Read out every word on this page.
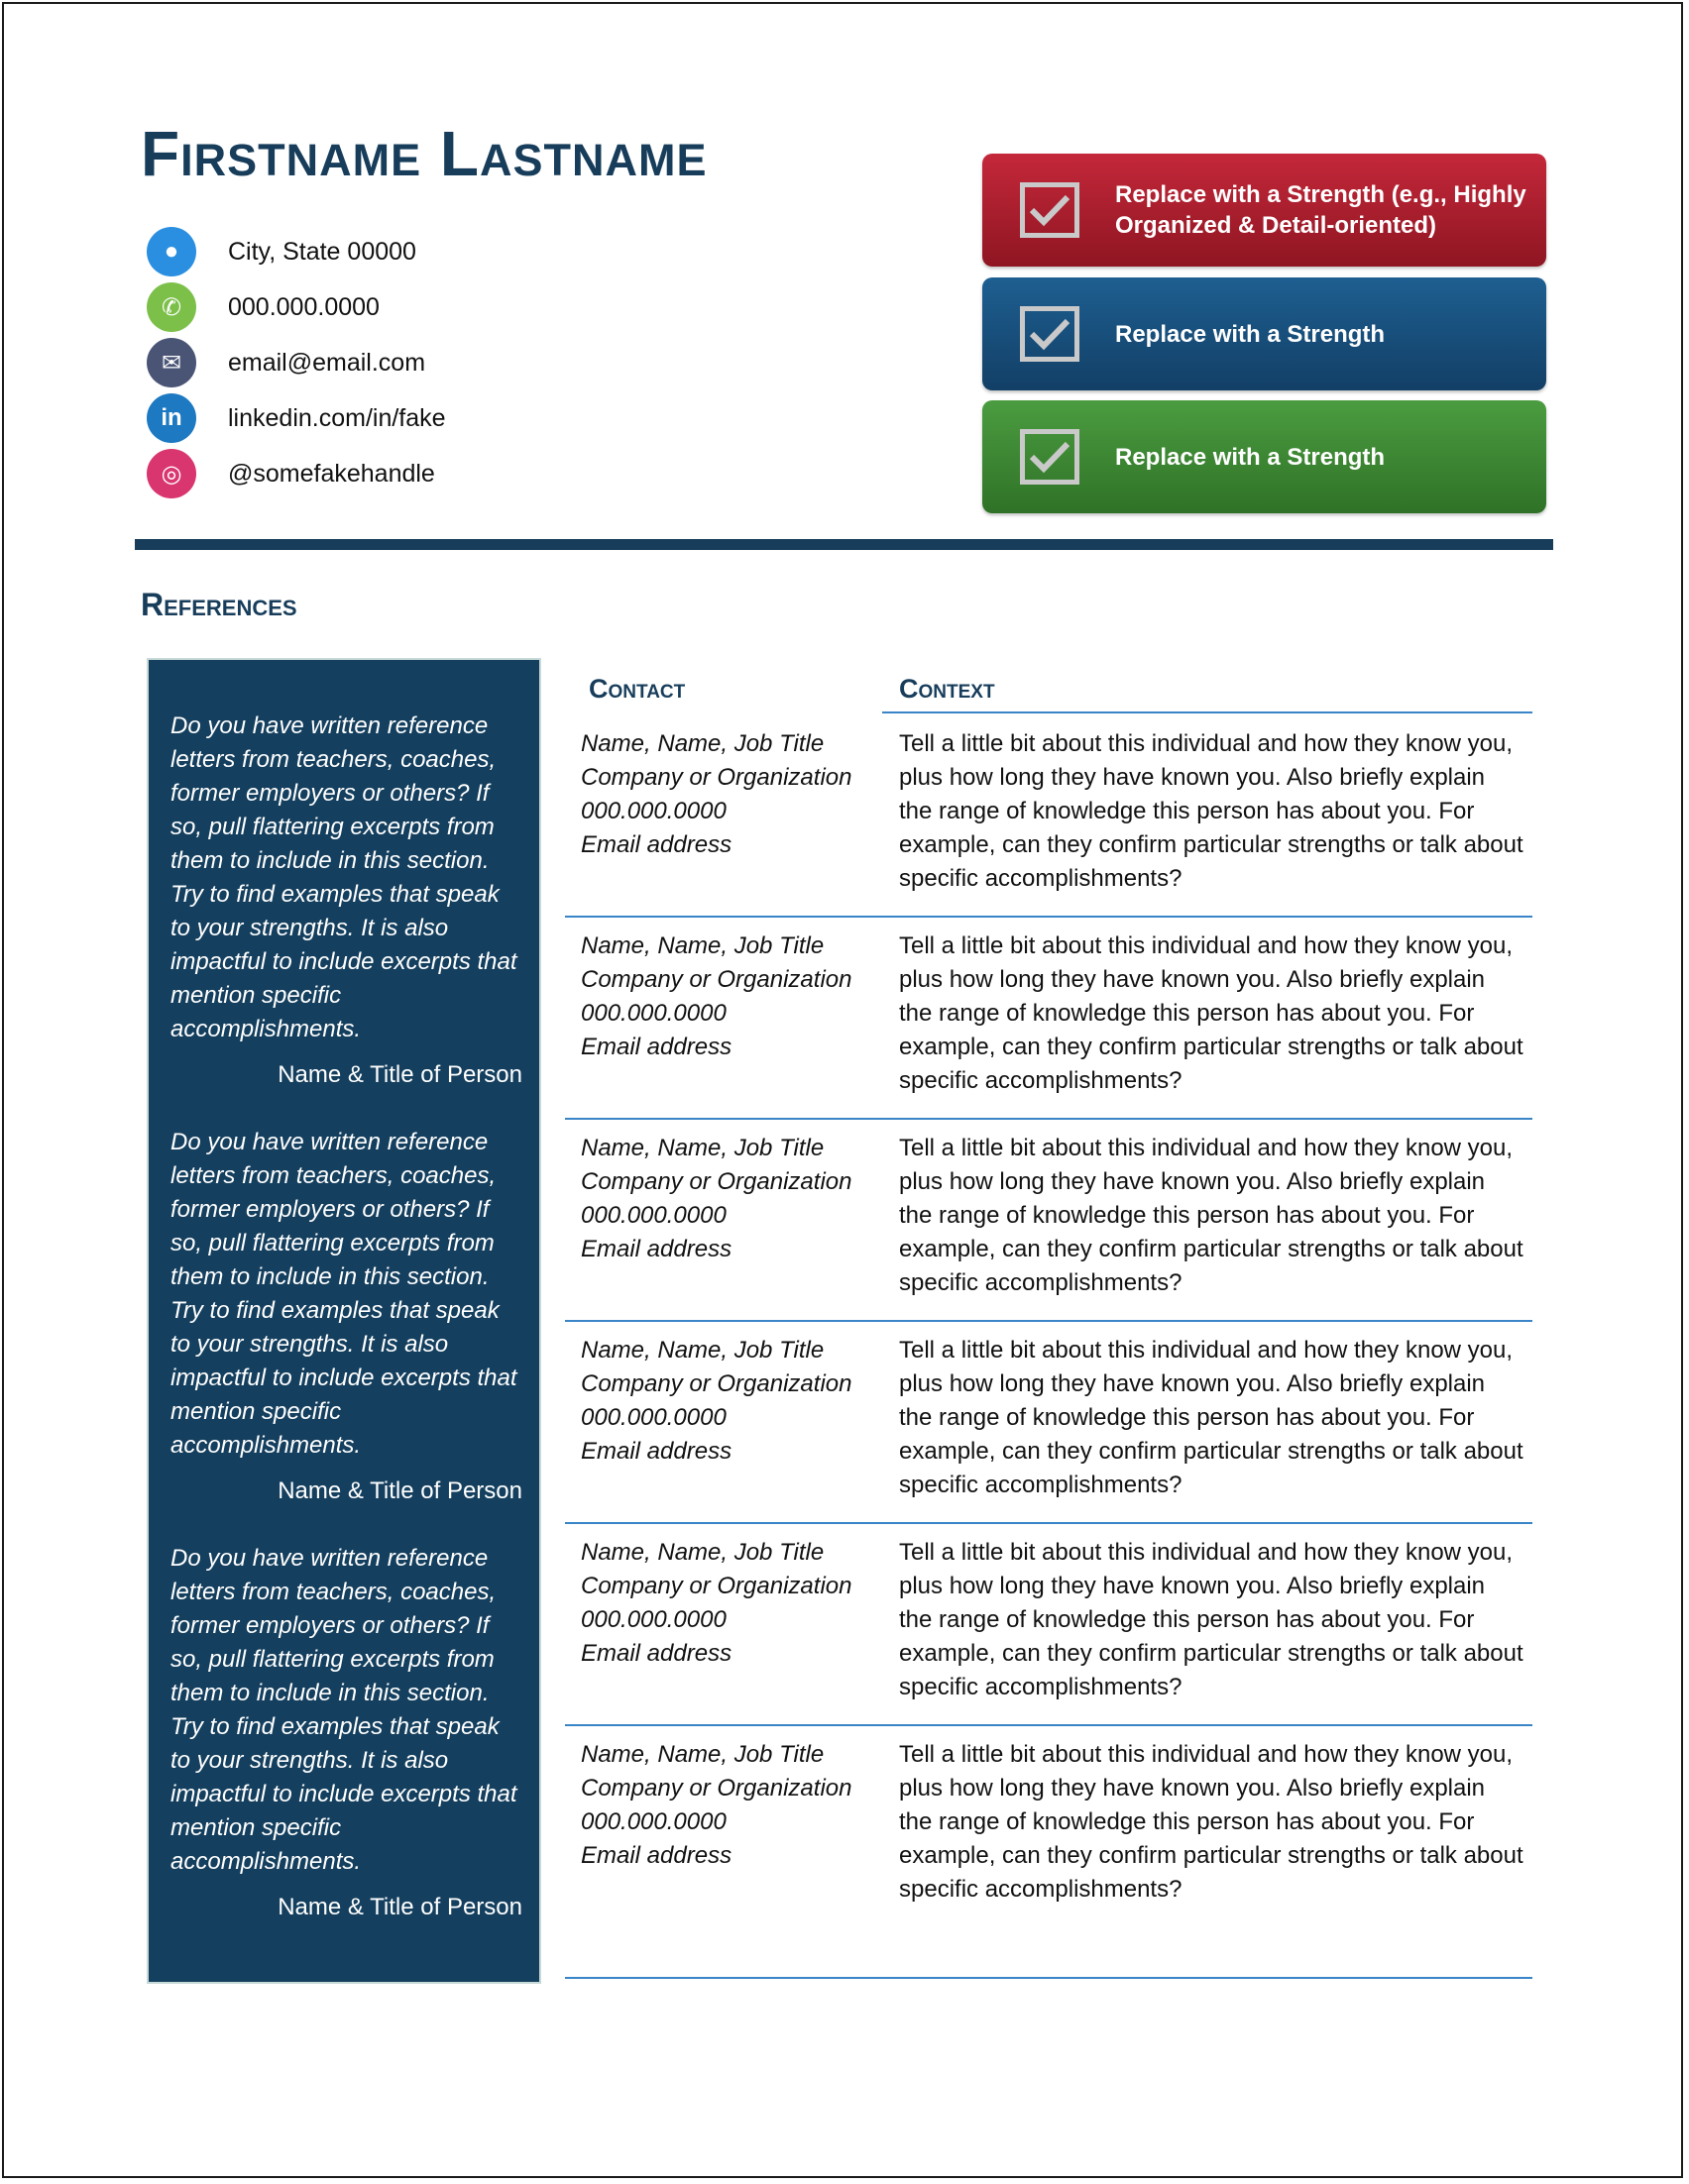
Firstname Lastname
●	City, State 00000
✆	000.000.0000
✉	email@email.com
in	linkedin.com/in/fake
◎	@somefakehandle
Replace with a Strength (e.g., Highly
Organized & Detail-oriented)
Replace with a Strength
Replace with a Strength
References
Do you have written reference letters from teachers, coaches, former employers or others? If so, pull flattering excerpts from them to include in this section. Try to find examples that speak to your strengths. It is also impactful to include excerpts that mention specific accomplishments.
Name & Title of Person
Do you have written reference letters from teachers, coaches, former employers or others? If so, pull flattering excerpts from them to include in this section. Try to find examples that speak to your strengths. It is also impactful to include excerpts that mention specific accomplishments.
Name & Title of Person
Do you have written reference letters from teachers, coaches, former employers or others? If so, pull flattering excerpts from them to include in this section. Try to find examples that speak to your strengths. It is also impactful to include excerpts that mention specific accomplishments.
Name & Title of Person
Contact	Context
Name, Name, Job Title
Company or Organization
000.000.0000
Email address
Tell a little bit about this individual and how they know you, plus how long they have known you. Also briefly explain the range of knowledge this person has about you. For example, can they confirm particular strengths or talk about specific accomplishments?
Name, Name, Job Title
Company or Organization
000.000.0000
Email address
Tell a little bit about this individual and how they know you, plus how long they have known you. Also briefly explain the range of knowledge this person has about you. For example, can they confirm particular strengths or talk about specific accomplishments?
Name, Name, Job Title
Company or Organization
000.000.0000
Email address
Tell a little bit about this individual and how they know you, plus how long they have known you. Also briefly explain the range of knowledge this person has about you. For example, can they confirm particular strengths or talk about specific accomplishments?
Name, Name, Job Title
Company or Organization
000.000.0000
Email address
Tell a little bit about this individual and how they know you, plus how long they have known you. Also briefly explain the range of knowledge this person has about you. For example, can they confirm particular strengths or talk about specific accomplishments?
Name, Name, Job Title
Company or Organization
000.000.0000
Email address
Tell a little bit about this individual and how they know you, plus how long they have known you. Also briefly explain the range of knowledge this person has about you. For example, can they confirm particular strengths or talk about specific accomplishments?
Name, Name, Job Title
Company or Organization
000.000.0000
Email address
Tell a little bit about this individual and how they know you, plus how long they have known you. Also briefly explain the range of knowledge this person has about you. For example, can they confirm particular strengths or talk about specific accomplishments?
